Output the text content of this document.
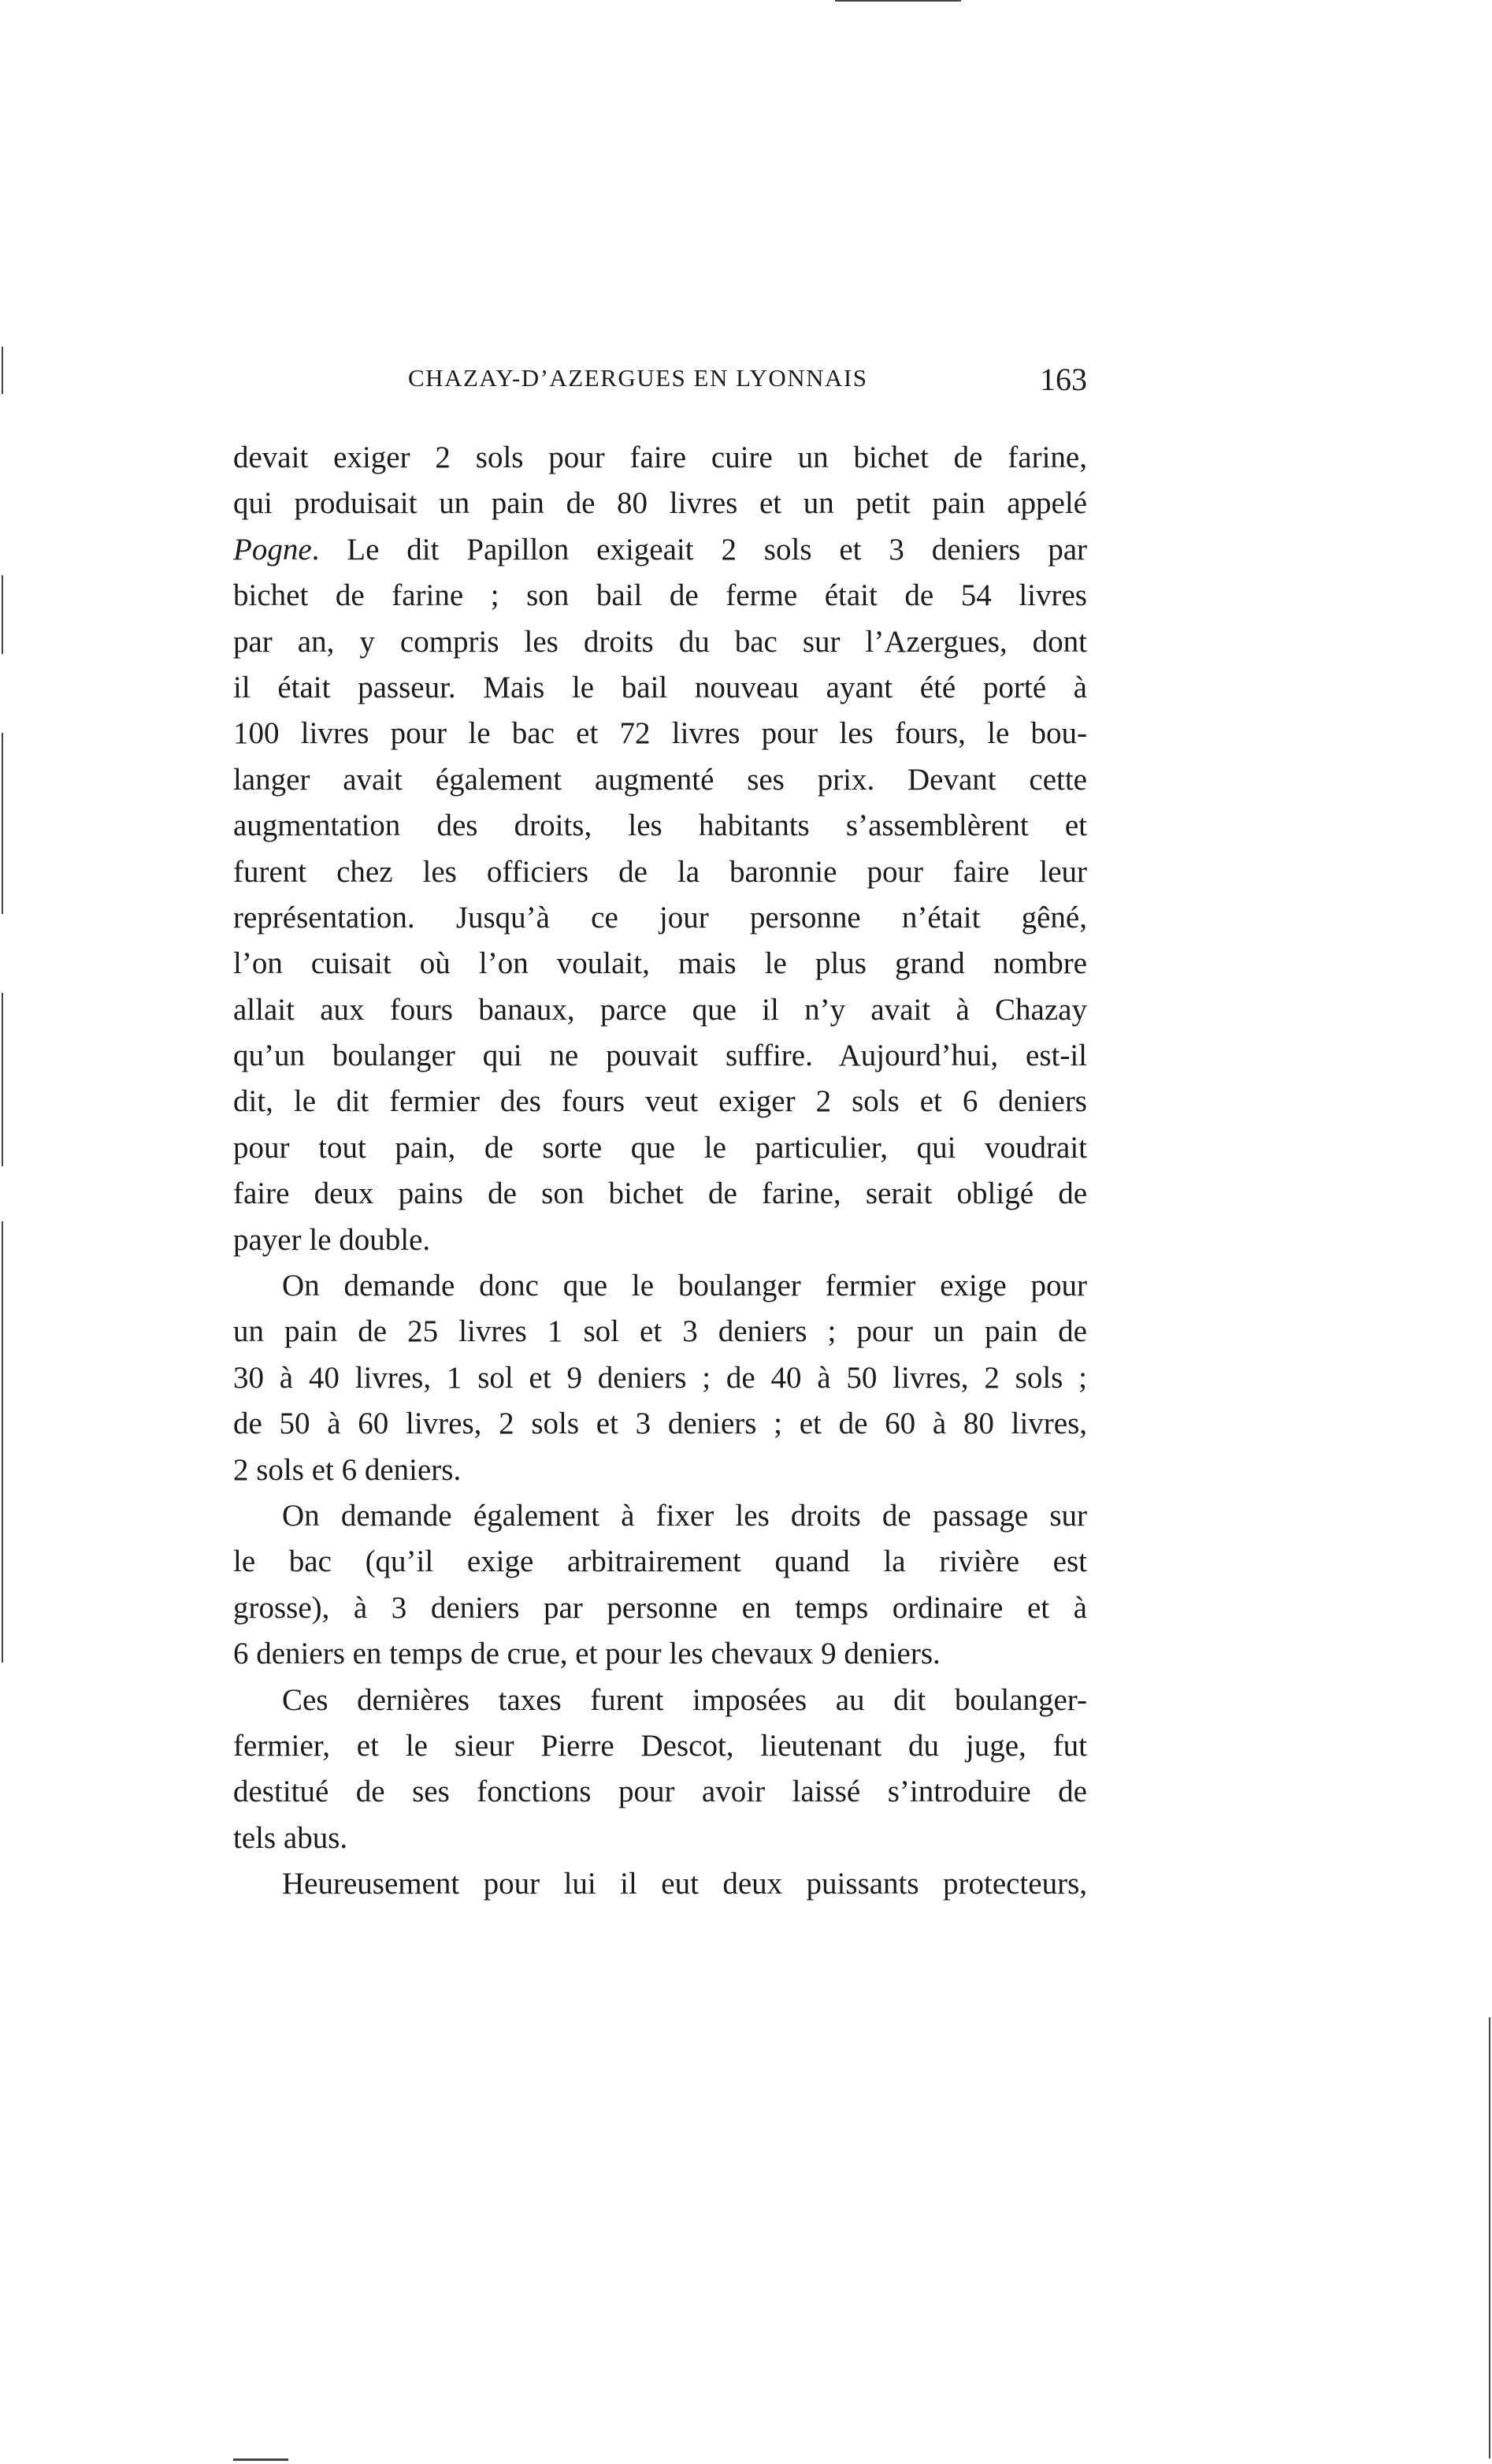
CHAZAY-D’AZERGUES EN LYONNAIS	163
devait exiger 2 sols pour faire cuire un bichet de farine,
qui produisait un pain de 80 livres et un petit pain appelé
Pogne. Le dit Papillon exigeait 2 sols et 3 deniers par
bichet de farine ; son bail de ferme était de 54 livres
par an, y compris les droits du bac sur l’Azergues, dont
il était passeur. Mais le bail nouveau ayant été porté à
100 livres pour le bac et 72 livres pour les fours, le bou-
langer avait également augmenté ses prix. Devant cette
augmentation des droits, les habitants s’assemblèrent et
furent chez les officiers de la baronnie pour faire leur
représentation. Jusqu’à ce jour personne n’était gêné,
l’on cuisait où l’on voulait, mais le plus grand nombre
allait aux fours banaux, parce que il n’y avait à Chazay
qu’un boulanger qui ne pouvait suffire. Aujourd’hui, est-il
dit, le dit fermier des fours veut exiger 2 sols et 6 deniers
pour tout pain, de sorte que le particulier, qui voudrait
faire deux pains de son bichet de farine, serait obligé de
payer le double.
On demande donc que le boulanger fermier exige pour
un pain de 25 livres 1 sol et 3 deniers ; pour un pain de
30 à 40 livres, 1 sol et 9 deniers ; de 40 à 50 livres, 2 sols ;
de 50 à 60 livres, 2 sols et 3 deniers ; et de 60 à 80 livres,
2 sols et 6 deniers.
On demande également à fixer les droits de passage sur
le bac (qu’il exige arbitrairement quand la rivière est
grosse), à 3 deniers par personne en temps ordinaire et à
6 deniers en temps de crue, et pour les chevaux 9 deniers.
Ces dernières taxes furent imposées au dit boulanger-
fermier, et le sieur Pierre Descot, lieutenant du juge, fut
destitué de ses fonctions pour avoir laissé s’introduire de
tels abus.
Heureusement pour lui il eut deux puissants protecteurs,
